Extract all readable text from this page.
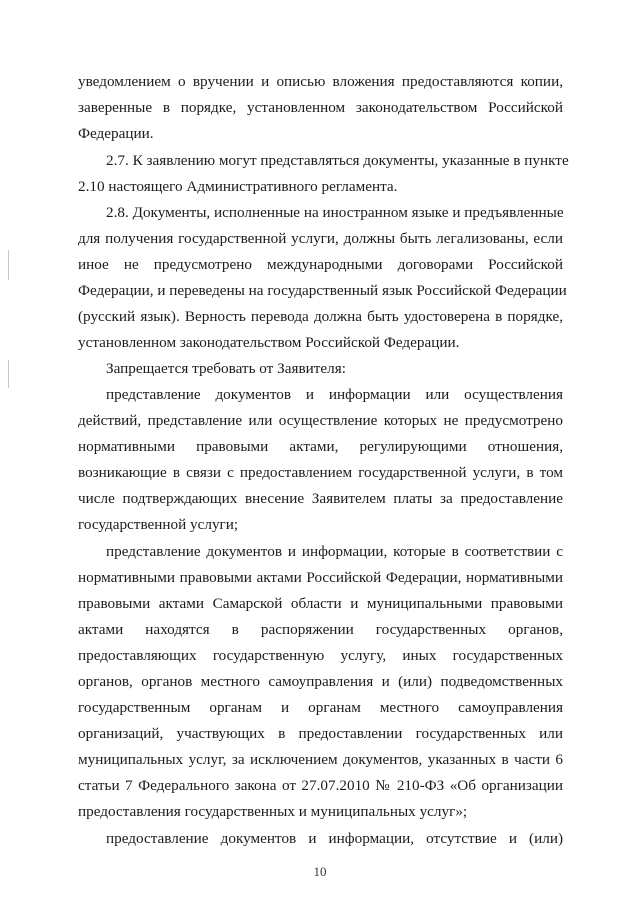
уведомлением о вручении и описью вложения предоставляются копии,
заверенные в порядке, установленном законодательством Российской
Федерации.
2.7. К заявлению могут представляться документы, указанные в пункте
2.10 настоящего Административного регламента.
2.8. Документы, исполненные на иностранном языке и предъявленные
для получения государственной услуги, должны быть легализованы, если
иное не предусмотрено международными договорами Российской
Федерации, и переведены на государственный язык Российской Федерации
(русский язык). Верность перевода должна быть удостоверена в порядке,
установленном законодательством Российской Федерации.
Запрещается требовать от Заявителя:
представление документов и информации или осуществления
действий, представление или осуществление которых не предусмотрено
нормативными правовыми актами, регулирующими отношения,
возникающие в связи с предоставлением государственной услуги, в том
числе подтверждающих внесение Заявителем платы за предоставление
государственной услуги;
представление документов и информации, которые в соответствии с
нормативными правовыми актами Российской Федерации, нормативными
правовыми актами Самарской области и муниципальными правовыми
актами находятся в распоряжении государственных органов,
предоставляющих государственную услугу, иных государственных
органов, органов местного самоуправления и (или) подведомственных
государственным органам и органам местного самоуправления
организаций, участвующих в предоставлении государственных или
муниципальных услуг, за исключением документов, указанных в части 6
статьи 7 Федерального закона от 27.07.2010 № 210-ФЗ «Об организации
предоставления государственных и муниципальных услуг»;
предоставление документов и информации, отсутствие и (или)
10
